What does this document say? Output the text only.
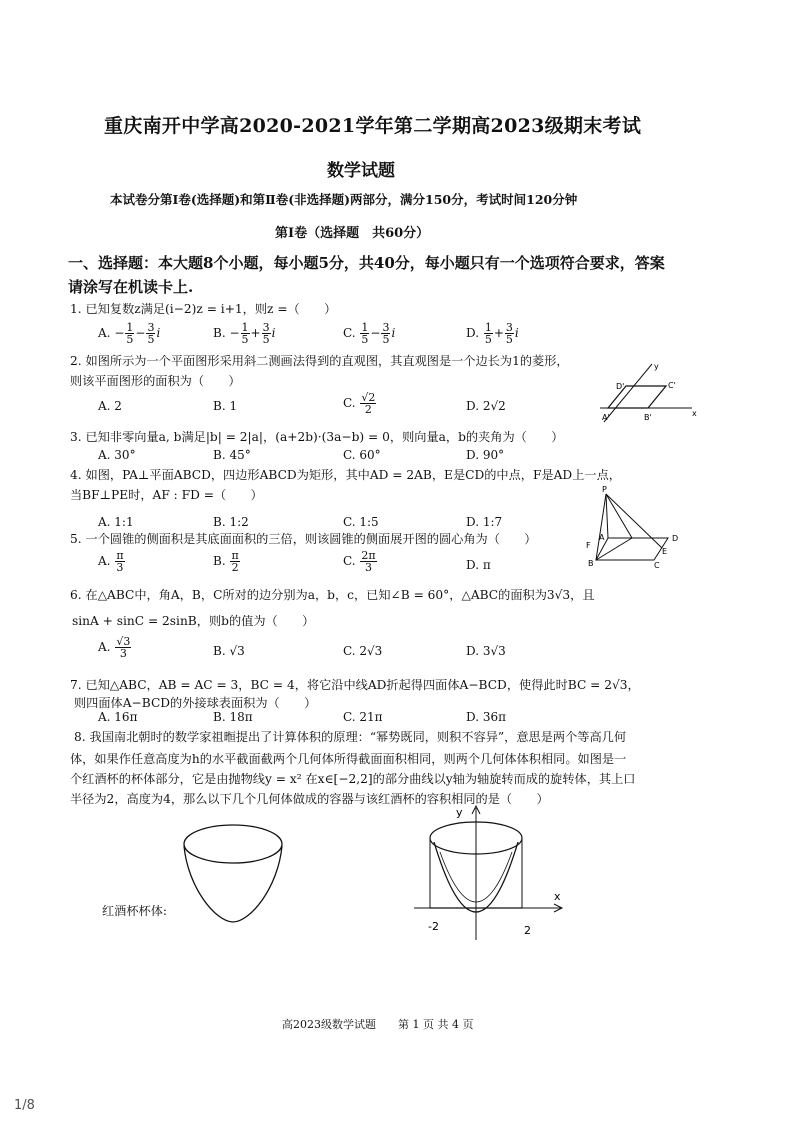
重庆南开中学高2020-2021学年第二学期高2023级期末考试
数学试题
本试卷分第Ⅰ卷(选择题)和第Ⅱ卷(非选择题)两部分，满分150分，考试时间120分钟
第Ⅰ卷（选择题　共60分）
一、选择题：本大题8个小题，每小题5分，共40分，每小题只有一个选项符合要求，答案
请涂写在机读卡上.
1. 已知复数z满足(i−2)z = i+1，则z =（　　）
A. − $\frac{1}{5} - \frac{3}{5}$ i	B. − $\frac{1}{5} + \frac{3}{5}$ i	C. $\frac{1}{5} - \frac{3}{5}$ i	D. $\frac{1}{5} + \frac{3}{5}$ i
2. 如图所示为一个平面图形采用斜二测画法得到的直观图，其直观图是一个边长为1的菱形，
则该平面图形的面积为（　　）
A. 2	B. 1	C. $\frac{√2}{2}$	D. 2√2
y
x
A'	B'
C'
D'
3. 已知非零向量a, b满足|b| = 2|a|，(a+2b)·(3a−b) = 0，则向量a，b的夹角为（　　）
A. 30°	B. 45°	C. 60°	D. 90°
4. 如图，PA⊥平面ABCD，四边形ABCD为矩形，其中AD = 2AB，E是CD的中点，F是AD上一点，
当BF⊥PE时，AF : FD =（　　）
A. 1:1	B. 1:2	C. 1:5	D. 1:7
P
A
B	C
D
E
F
5. 一个圆锥的侧面积是其底面面积的三倍，则该圆锥的侧面展开图的圆心角为（　　）
A. $\frac{\pi}{3}$	B. $\frac{\pi}{2}$	C. $\frac{2\pi}{3}$	D. π
6. 在△ABC中，角A，B，C所对的边分别为a，b，c，已知∠B = 60°，△ABC的面积为3√3，且
sinA + sinC = 2sinB，则b的值为（　　）
A. $\frac{√3}{3}$	B. √3	C. 2√3	D. 3√3
7. 已知△ABC，AB = AC = 3，BC = 4，将它沿中线AD折起得四面体A−BCD，使得此时BC = 2√3，
则四面体A−BCD的外接球表面积为（　　）
A. 16π	B. 18π	C. 21π	D. 36π
8. 我国南北朝时的数学家祖暅提出了计算体积的原理：“幂势既同，则积不容异”，意思是两个等高几何
体，如果作任意高度为h的水平截面截两个几何体所得截面面积相同，则两个几何体体积相同。如图是一
个红酒杯的杯体部分，它是由抛物线y = x² 在x∈[−2,2]的部分曲线以y轴为轴旋转而成的旋转体，其上口
半径为2，高度为4，那么以下几个几何体做成的容器与该红酒杯的容积相同的是（　　）
红酒杯杯体:
y
x
-2	2
高2023级数学试题　　第 1 页 共 4 页
1/8
